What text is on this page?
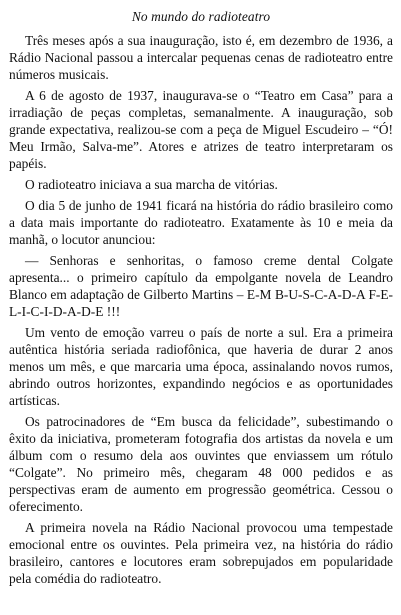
No mundo do radioteatro

Três meses após a sua inauguração, isto é, em dezembro de 1936, a Rádio Nacional passou a intercalar pequenas cenas de radioteatro entre números musicais.

A 6 de agosto de 1937, inaugurava-se o “Teatro em Casa” para a irradiação de peças completas, semanalmente. A inauguração, sob grande expectativa, realizou-se com a peça de Miguel Escudeiro – “Ó! Meu Irmão, Salva-me”. Atores e atrizes de teatro interpretaram os papéis.

O radioteatro iniciava a sua marcha de vitórias.

O dia 5 de junho de 1941 ficará na história do rádio brasileiro como a data mais importante do radioteatro. Exatamente às 10 e meia da manhã, o locutor anunciou:

— Senhoras e senhoritas, o famoso creme dental Colgate apresenta... o primeiro capítulo da empolgante novela de Leandro Blanco em adaptação de Gilberto Martins – E-M B-U-S-C-A-D-A F-E-L-I-C-I-D-A-D-E !!!

Um vento de emoção varreu o país de norte a sul. Era a primeira autêntica história seriada radiofônica, que haveria de durar 2 anos menos um mês, e que marcaria uma época, assinalando novos rumos, abrindo outros horizontes, expandindo negócios e as oportunidades artísticas.

Os patrocinadores de “Em busca da felicidade”, subestimando o êxito da iniciativa, prometeram fotografia dos artistas da novela e um álbum com o resumo dela aos ouvintes que enviassem um rótulo “Colgate”. No primeiro mês, chegaram 48 000 pedidos e as perspectivas eram de aumento em progressão geométrica. Cessou o oferecimento.

A primeira novela na Rádio Nacional provocou uma tempestade emocional entre os ouvintes. Pela primeira vez, na história do rádio brasileiro, cantores e locutores eram sobrepujados em popularidade pela comédia do radioteatro.
